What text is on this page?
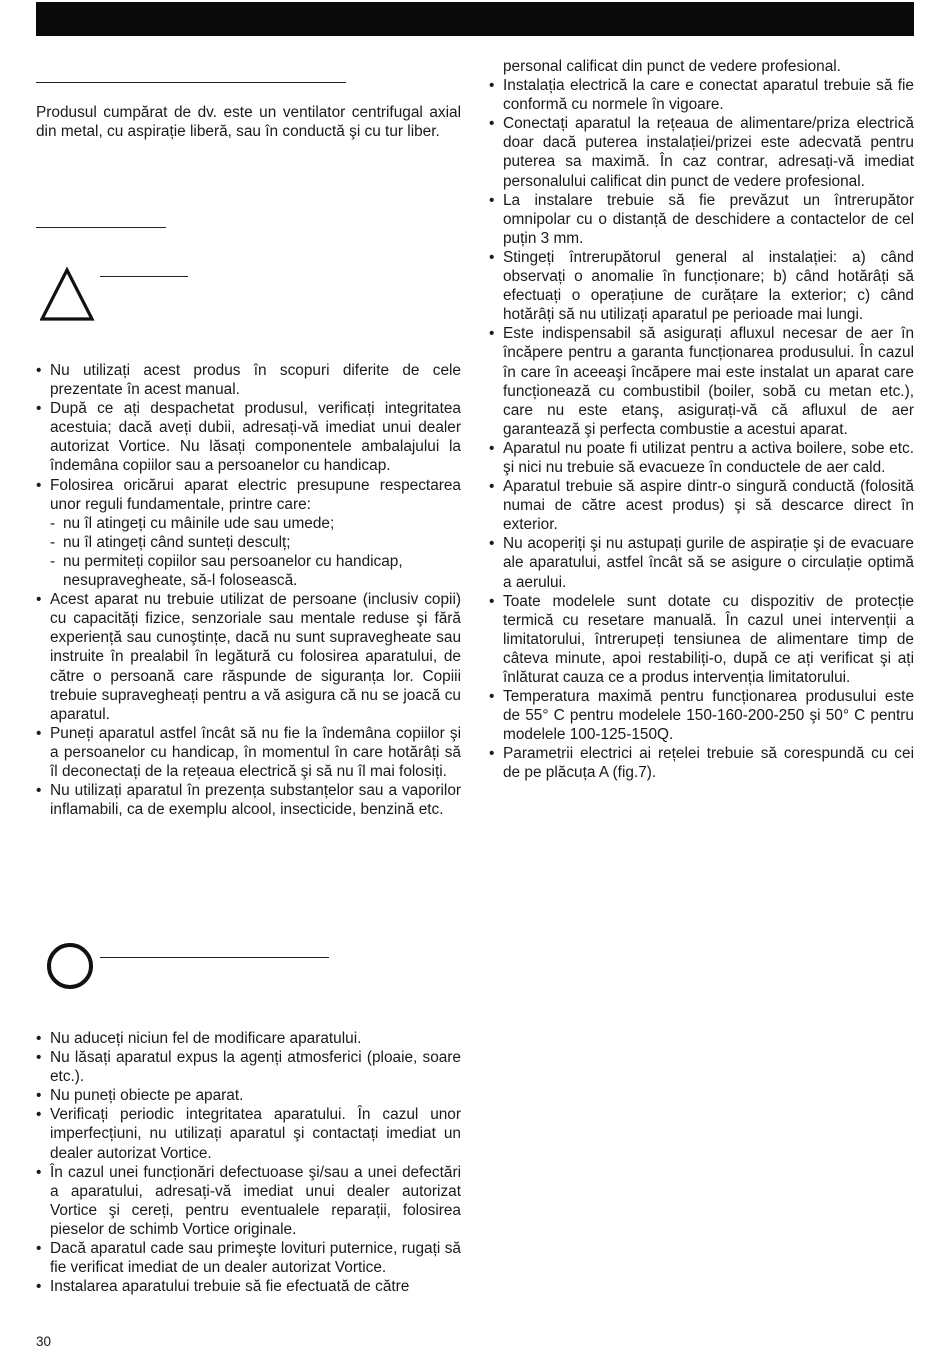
Produsul cumpărat de dv. este un ventilator centrifugal axial din metal, cu aspirație liberă, sau în conductă şi cu tur liber.

• Nu utilizați acest produs în scopuri diferite de cele prezentate în acest manual.
• După ce ați despachetat produsul, verificați integritatea acestuia; dacă aveți dubii, adresați-vă imediat unui dealer autorizat Vortice. Nu lăsați componentele ambalajului la îndemâna copiilor sau a persoanelor cu handicap.
• Folosirea oricărui aparat electric presupune respectarea unor reguli fundamentale, printre care:
- nu îl atingeți cu mâinile ude sau umede;
- nu îl atingeți când sunteți desculț;
- nu permiteți copiilor sau persoanelor cu handicap, nesupravegheate, să-l folosească.
• Acest aparat nu trebuie utilizat de persoane (inclusiv copii) cu capacități fizice, senzoriale sau mentale reduse şi fără experiență sau cunoştințe, dacă nu sunt supravegheate sau instruite în prealabil în legătură cu folosirea aparatului, de către o persoană care răspunde de siguranța lor. Copiii trebuie supravegheați pentru a vă asigura că nu se joacă cu aparatul.
• Puneți aparatul astfel încât să nu fie la îndemâna copiilor şi a persoanelor cu handicap, în momentul în care hotărâți să îl deconectați de la rețeaua electrică şi să nu îl mai folosiți.
• Nu utilizați aparatul în prezența substanțelor sau a vaporilor inflamabili, ca de exemplu alcool, insecticide, benzină etc.
• Nu aduceți niciun fel de modificare aparatului.
• Nu lăsați aparatul expus la agenți atmosferici (ploaie, soare etc.).
• Nu puneți obiecte pe aparat.
• Verificați periodic integritatea aparatului. În cazul unor imperfecțiuni, nu utilizați aparatul şi contactați imediat un dealer autorizat Vortice.
• În cazul unei funcționări defectuoase şi/sau a unei defectări a aparatului, adresați-vă imediat unui dealer autorizat Vortice şi cereți, pentru eventualele reparații, folosirea pieselor de schimb Vortice originale.
• Dacă aparatul cade sau primeşte lovituri puternice, rugați să fie verificat imediat de un dealer autorizat Vortice.
• Instalarea aparatului trebuie să fie efectuată de către
personal calificat din punct de vedere profesional.
• Instalația electrică la care e conectat aparatul trebuie să fie conformă cu normele în vigoare.
• Conectați aparatul la rețeaua de alimentare/priza electrică doar dacă puterea instalației/prizei este adecvată pentru puterea sa maximă. În caz contrar, adresați-vă imediat personalului calificat din punct de vedere profesional.
• La instalare trebuie să fie prevăzut un întrerupător omnipolar cu o distanță de deschidere a contactelor de cel puțin 3 mm.
• Stingeți întrerupătorul general al instalației: a) când observați o anomalie în funcționare; b) când hotărâți să efectuați o operațiune de curățare la exterior; c) când hotărâți să nu utilizați aparatul pe perioade mai lungi.
• Este indispensabil să asigurați afluxul necesar de aer în încăpere pentru a garanta funcționarea produsului. În cazul în care în aceeaşi încăpere mai este instalat un aparat care funcționează cu combustibil (boiler, sobă cu metan etc.), care nu este etanş, asigurați-vă că afluxul de aer garantează şi perfecta combustie a acestui aparat.
• Aparatul nu poate fi utilizat pentru a activa boilere, sobe etc. şi nici nu trebuie să evacueze în conductele de aer cald.
• Aparatul trebuie să aspire dintr-o singură conductă (folosită numai de către acest produs) şi să descarce direct în exterior.
• Nu acoperiți şi nu astupați gurile de aspirație şi de evacuare ale aparatului, astfel încât să se asigure o circulație optimă a aerului.
• Toate modelele sunt dotate cu dispozitiv de protecție termică cu resetare manuală. În cazul unei intervenții a limitatorului, întrerupeți tensiunea de alimentare timp de câteva minute, apoi restabiliți-o, după ce ați verificat şi ați înlăturat cauza ce a produs intervenția limitatorului.
• Temperatura maximă pentru funcționarea produsului este de 55° C pentru modelele 150-160-200-250 şi 50° C pentru modelele 100-125-150Q.
• Parametrii electrici ai rețelei trebuie să corespundă cu cei de pe plăcuța A (fig.7).
30
